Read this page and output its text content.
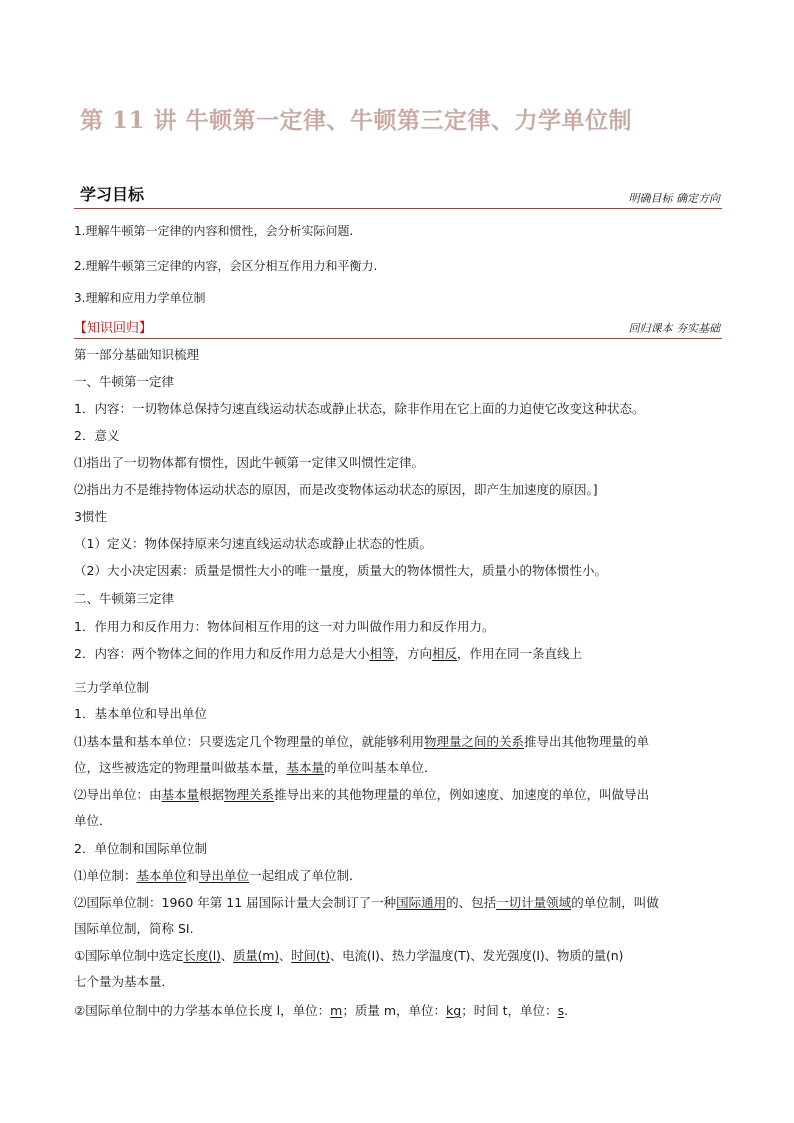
第 11 讲 牛顿第一定律、牛顿第三定律、力学单位制
学习目标	明确目标 确定方向
1.理解牛顿第一定律的内容和惯性，会分析实际问题.
2.理解牛顿第三定律的内容，会区分相互作用力和平衡力.
3.理解和应用力学单位制
【知识回归】	回归课本 夯实基础
第一部分基础知识梳理
一、牛顿第一定律
1．内容：一切物体总保持匀速直线运动状态或静止状态，除非作用在它上面的力迫使它改变这种状态。
2．意义
⑴指出了一切物体都有惯性，因此牛顿第一定律又叫惯性定律。
⑵指出力不是维持物体运动状态的原因，而是改变物体运动状态的原因，即产生加速度的原因。]
3惯性
（1）定义：物体保持原来匀速直线运动状态或静止状态的性质。
（2）大小决定因素：质量是惯性大小的唯一量度，质量大的物体惯性大，质量小的物体惯性小。
二、牛顿第三定律
1．作用力和反作用力：物体间相互作用的这一对力叫做作用力和反作用力。
2．内容：两个物体之间的作用力和反作用力总是大小相等，方向相反，作用在同一条直线上
三力学单位制
1．基本单位和导出单位
⑴基本量和基本单位：只要选定几个物理量的单位，就能够利用物理量之间的关系推导出其他物理量的单
位，这些被选定的物理量叫做基本量，基本量的单位叫基本单位．
⑵导出单位：由基本量根据物理关系推导出来的其他物理量的单位，例如速度、加速度的单位，叫做导出
单位．
2．单位制和国际单位制
⑴单位制：基本单位和导出单位一起组成了单位制．
⑵国际单位制：1960 年第 11 届国际计量大会制订了一种国际通用的、包括一切计量领域的单位制，叫做
国际单位制，简称 SI.
①国际单位制中选定长度(l)、质量(m)、时间(t)、电流(I)、热力学温度(T)、发光强度(I)、物质的量(n)
七个量为基本量．
②国际单位制中的力学基本单位长度 l，单位：m；质量 m，单位：kg；时间 t，单位：s.
